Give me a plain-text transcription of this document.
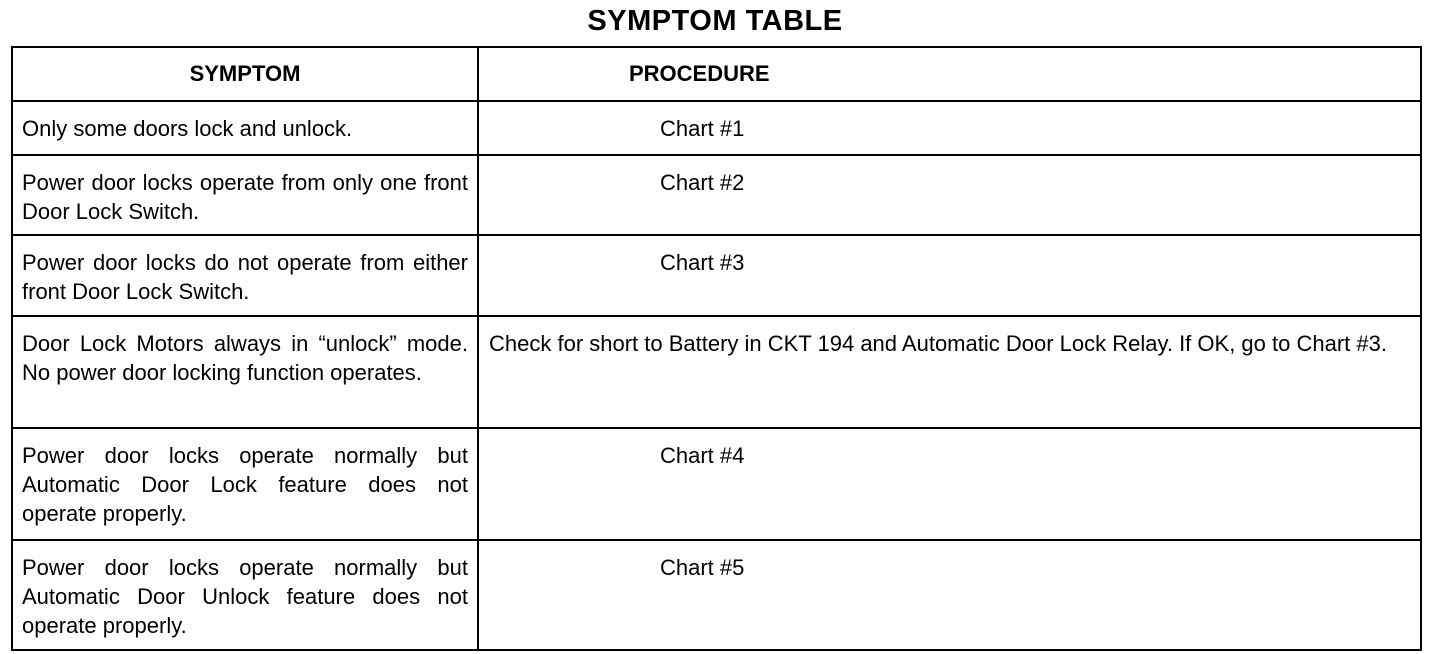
SYMPTOM TABLE
SYMPTOM	PROCEDURE
Only some doors lock and unlock.	Chart #1
Power door locks operate from only one front Door Lock Switch.	Chart #2
Power door locks do not operate from either front Door Lock Switch.	Chart #3
Door Lock Motors always in “unlock” mode. No power door locking function operates.	Check for short to Battery in CKT 194 and Automatic Door Lock Relay. If OK, go to Chart #3.
Power door locks operate normally but Automatic Door Lock feature does not operate properly.	Chart #4
Power door locks operate normally but Automatic Door Unlock feature does not operate properly.	Chart #5
